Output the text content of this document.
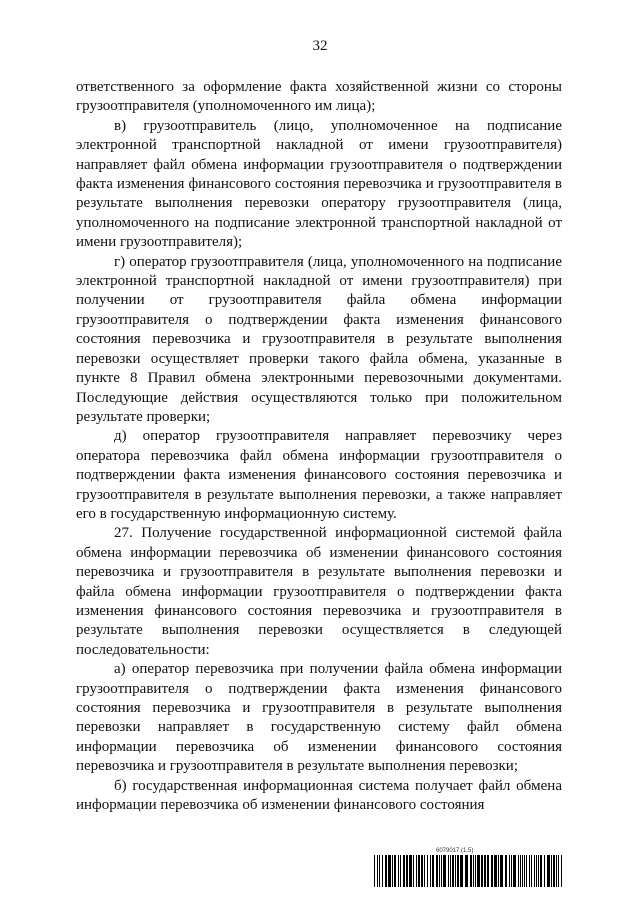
32

ответственного за оформление факта хозяйственной жизни со стороны грузоотправителя (уполномоченного им лица);

в) грузоотправитель (лицо, уполномоченное на подписание электронной транспортной накладной от имени грузоотправителя) направляет файл обмена информации грузоотправителя о подтверждении факта изменения финансового состояния перевозчика и грузоотправителя в результате выполнения перевозки оператору грузоотправителя (лица, уполномоченного на подписание электронной транспортной накладной от имени грузоотправителя);

г) оператор грузоотправителя (лица, уполномоченного на подписание электронной транспортной накладной от имени грузоотправителя) при получении от грузоотправителя файла обмена информации грузоотправителя о подтверждении факта изменения финансового состояния перевозчика и грузоотправителя в результате выполнения перевозки осуществляет проверки такого файла обмена, указанные в пункте 8 Правил обмена электронными перевозочными документами. Последующие действия осуществляются только при положительном результате проверки;

д) оператор грузоотправителя направляет перевозчику через оператора перевозчика файл обмена информации грузоотправителя о подтверждении факта изменения финансового состояния перевозчика и грузоотправителя в результате выполнения перевозки, а также направляет его в государственную информационную систему.

27. Получение государственной информационной системой файла обмена информации перевозчика об изменении финансового состояния перевозчика и грузоотправителя в результате выполнения перевозки и файла обмена информации грузоотправителя о подтверждении факта изменения финансового состояния перевозчика и грузоотправителя в результате выполнения перевозки осуществляется в следующей последовательности:

а) оператор перевозчика при получении файла обмена информации грузоотправителя о подтверждении факта изменения финансового состояния перевозчика и грузоотправителя в результате выполнения перевозки направляет в государственную систему файл обмена информации перевозчика об изменении финансового состояния перевозчика и грузоотправителя в результате выполнения перевозки;

б) государственная информационная система получает файл обмена информации перевозчика об изменении финансового состояния

6079017 (1.5)
